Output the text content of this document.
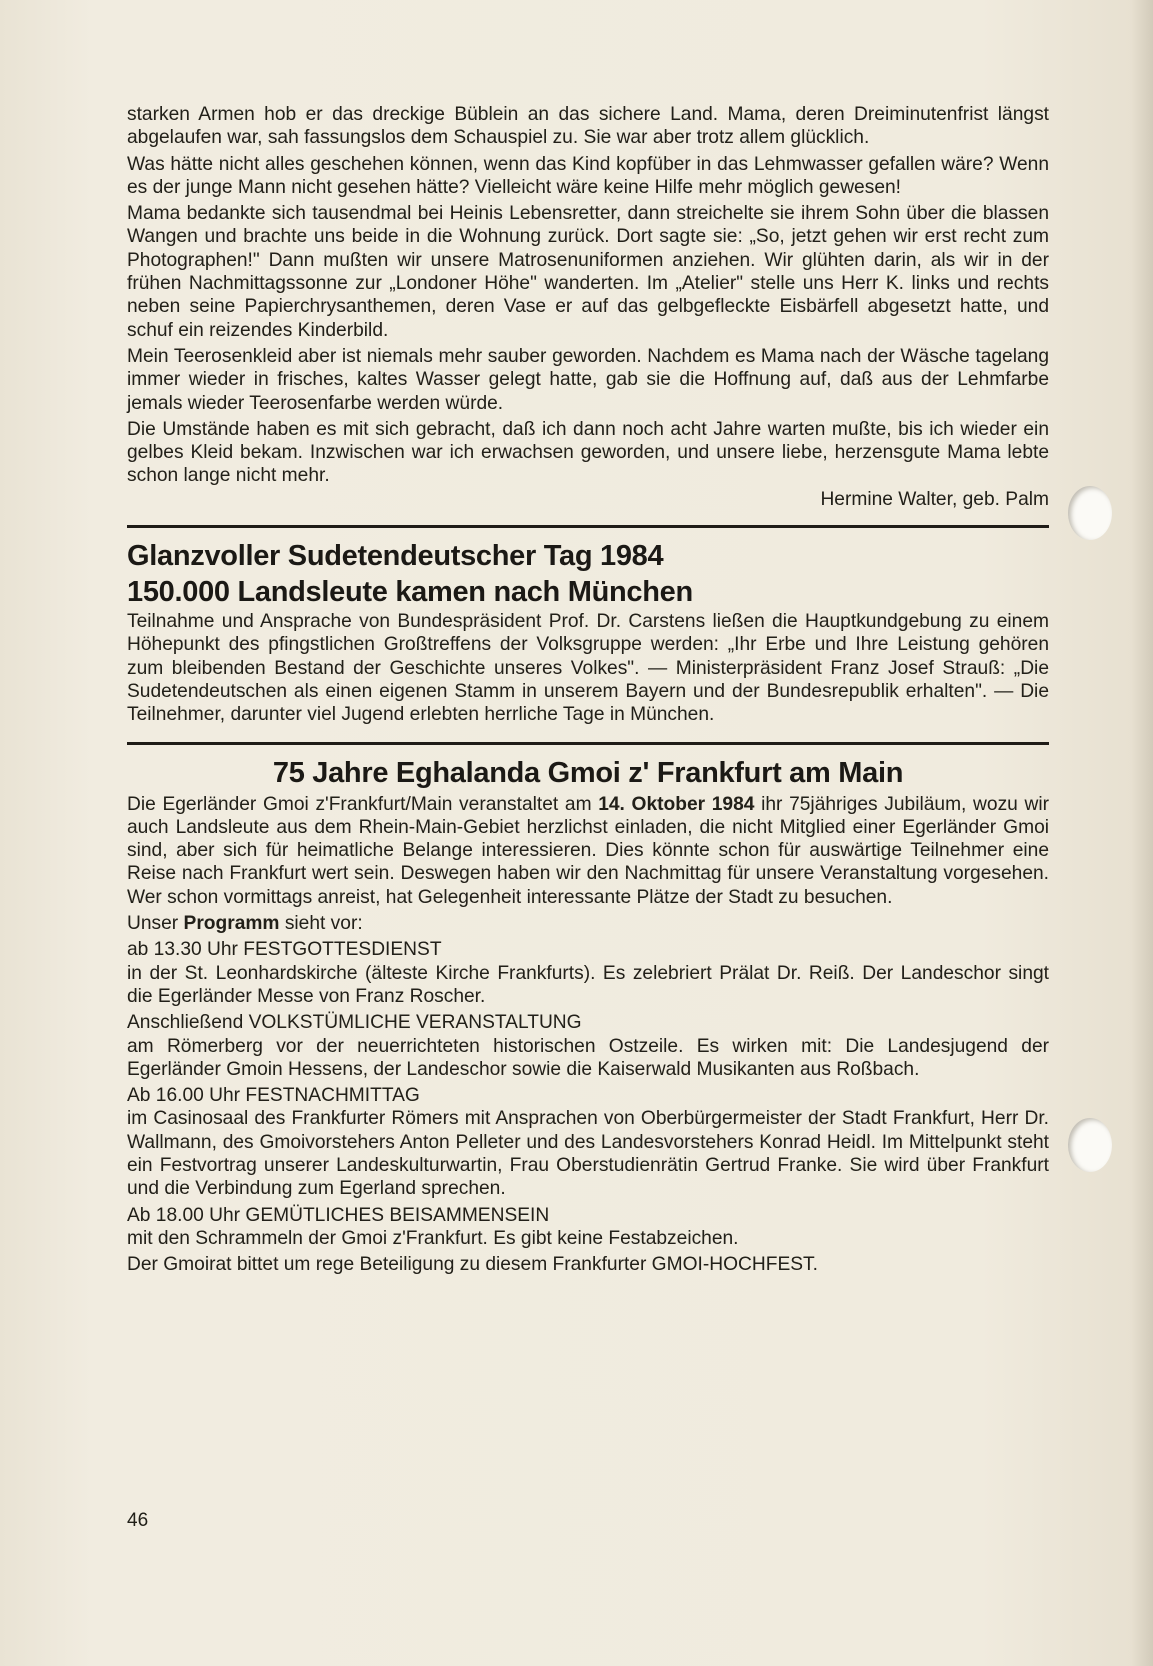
starken Armen hob er das dreckige Büblein an das sichere Land. Mama, deren Dreiminutenfrist längst abgelaufen war, sah fassungslos dem Schauspiel zu. Sie war aber trotz allem glücklich.

Was hätte nicht alles geschehen können, wenn das Kind kopfüber in das Lehmwasser gefallen wäre? Wenn es der junge Mann nicht gesehen hätte? Vielleicht wäre keine Hilfe mehr möglich gewesen!

Mama bedankte sich tausendmal bei Heinis Lebensretter, dann streichelte sie ihrem Sohn über die blassen Wangen und brachte uns beide in die Wohnung zurück. Dort sagte sie: „So, jetzt gehen wir erst recht zum Photographen!" Dann mußten wir unsere Matrosenuniformen anziehen. Wir glühten darin, als wir in der frühen Nachmittagssonne zur „Londoner Höhe" wanderten. Im „Atelier" stelle uns Herr K. links und rechts neben seine Papierchrysanthemen, deren Vase er auf das gelbgefleckte Eisbärfell abgesetzt hatte, und schuf ein reizendes Kinderbild.

Mein Teerosenkleid aber ist niemals mehr sauber geworden. Nachdem es Mama nach der Wäsche tagelang immer wieder in frisches, kaltes Wasser gelegt hatte, gab sie die Hoffnung auf, daß aus der Lehmfarbe jemals wieder Teerosenfarbe werden würde.

Die Umstände haben es mit sich gebracht, daß ich dann noch acht Jahre warten mußte, bis ich wieder ein gelbes Kleid bekam. Inzwischen war ich erwachsen geworden, und unsere liebe, herzensgute Mama lebte schon lange nicht mehr.

Hermine Walter, geb. Palm

Glanzvoller Sudetendeutscher Tag 1984
150.000 Landsleute kamen nach München

Teilnahme und Ansprache von Bundespräsident Prof. Dr. Carstens ließen die Hauptkundgebung zu einem Höhepunkt des pfingstlichen Großtreffens der Volksgruppe werden: „Ihr Erbe und Ihre Leistung gehören zum bleibenden Bestand der Geschichte unseres Volkes". — Ministerpräsident Franz Josef Strauß: „Die Sudetendeutschen als einen eigenen Stamm in unserem Bayern und der Bundesrepublik erhalten". — Die Teilnehmer, darunter viel Jugend erlebten herrliche Tage in München.

75 Jahre Eghalanda Gmoi z' Frankfurt am Main

Die Egerländer Gmoi z'Frankfurt/Main veranstaltet am 14. Oktober 1984 ihr 75jähriges Jubiläum, wozu wir auch Landsleute aus dem Rhein-Main-Gebiet herzlichst einladen, die nicht Mitglied einer Egerländer Gmoi sind, aber sich für heimatliche Belange interessieren. Dies könnte schon für auswärtige Teilnehmer eine Reise nach Frankfurt wert sein. Deswegen haben wir den Nachmittag für unsere Veranstaltung vorgesehen. Wer schon vormittags anreist, hat Gelegenheit interessante Plätze der Stadt zu besuchen.

Unser Programm sieht vor:

ab 13.30 Uhr FESTGOTTESDIENST

in der St. Leonhardskirche (älteste Kirche Frankfurts). Es zelebriert Prälat Dr. Reiß. Der Landeschor singt die Egerländer Messe von Franz Roscher.

Anschließend VOLKSTÜMLICHE VERANSTALTUNG

am Römerberg vor der neuerrichteten historischen Ostzeile. Es wirken mit: Die Landesjugend der Egerländer Gmoin Hessens, der Landeschor sowie die Kaiserwald Musikanten aus Roßbach.

Ab 16.00 Uhr FESTNACHMITTAG

im Casinosaal des Frankfurter Römers mit Ansprachen von Oberbürgermeister der Stadt Frankfurt, Herr Dr. Wallmann, des Gmoivorstehers Anton Pelleter und des Landesvorstehers Konrad Heidl. Im Mittelpunkt steht ein Festvortrag unserer Landeskulturwartin, Frau Oberstudienrätin Gertrud Franke. Sie wird über Frankfurt und die Verbindung zum Egerland sprechen.

Ab 18.00 Uhr GEMÜTLICHES BEISAMMENSEIN

mit den Schrammeln der Gmoi z'Frankfurt. Es gibt keine Festabzeichen.

Der Gmoirat bittet um rege Beteiligung zu diesem Frankfurter GMOI-HOCHFEST.

46
